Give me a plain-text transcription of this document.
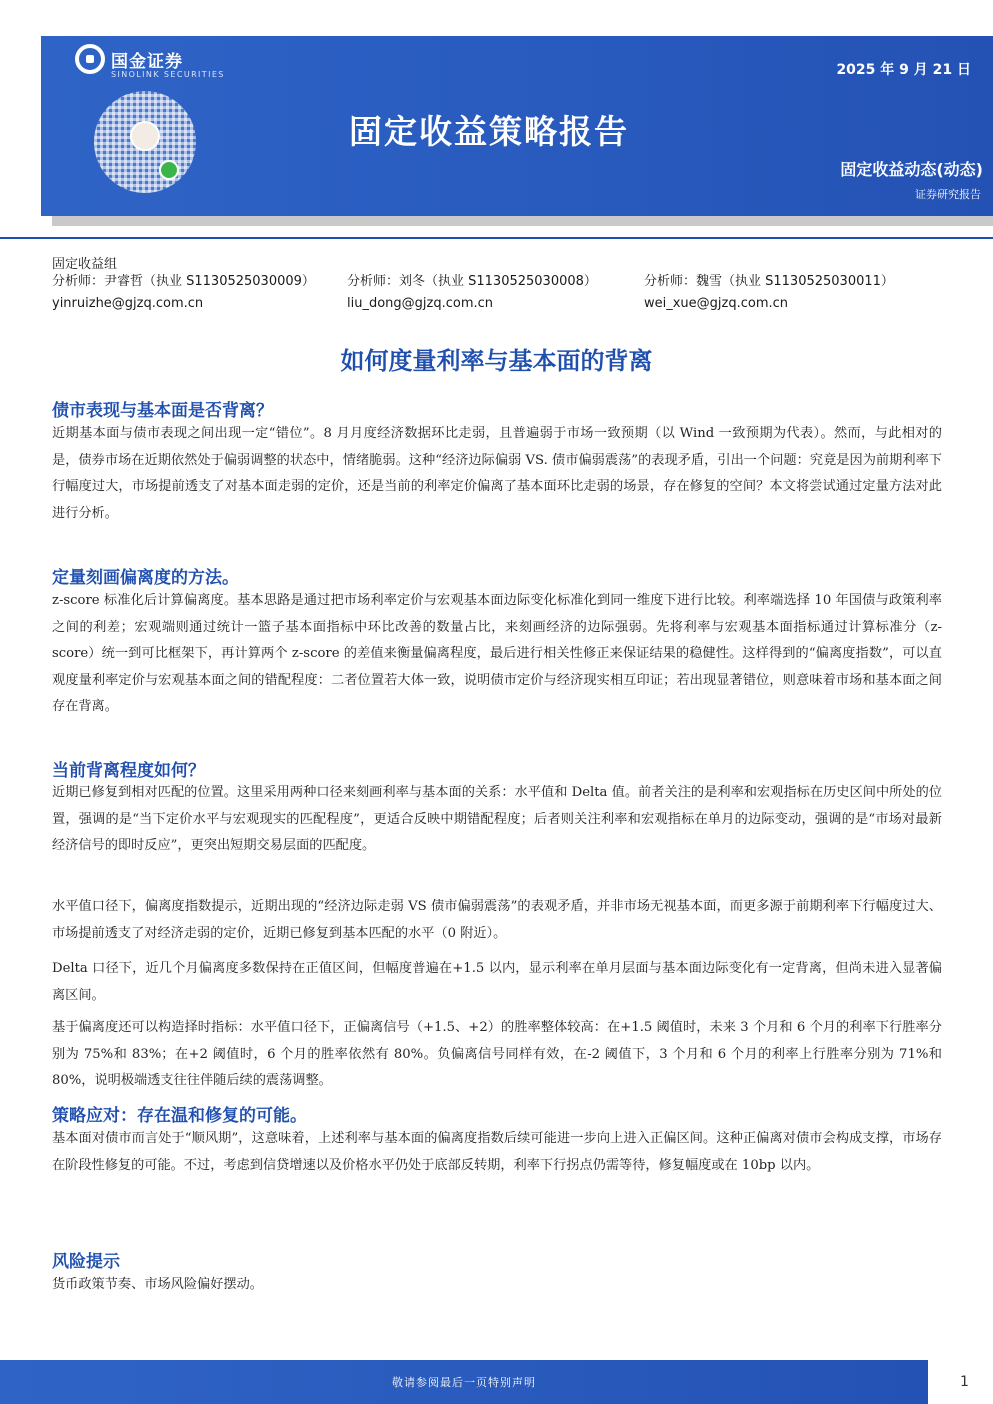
国金证券
SINOLINK SECURITIES	2025 年 9 月 21 日
固定收益策略报告
固定收益动态(动态)
证券研究报告
固定收益组
分析师：尹睿哲（执业 S1130525030009）
yinruizhe@gjzq.com.cn
分析师：刘冬（执业 S1130525030008）
liu_dong@gjzq.com.cn
分析师：魏雪（执业 S1130525030011）
wei_xue@gjzq.com.cn
如何度量利率与基本面的背离
债市表现与基本面是否背离？
近期基本面与债市表现之间出现一定“错位”。8 月月度经济数据环比走弱，且普遍弱于市场一致预期（以 Wind 一致预期为代表）。然而，与此相对的是，债券市场在近期依然处于偏弱调整的状态中，情绪脆弱。这种“经济边际偏弱 VS. 债市偏弱震荡”的表现矛盾，引出一个问题：究竟是因为前期利率下行幅度过大，市场提前透支了对基本面走弱的定价，还是当前的利率定价偏离了基本面环比走弱的场景，存在修复的空间？本文将尝试通过定量方法对此进行分析。
定量刻画偏离度的方法。
z-score 标准化后计算偏离度。基本思路是通过把市场利率定价与宏观基本面边际变化标准化到同一维度下进行比较。利率端选择 10 年国债与政策利率之间的利差；宏观端则通过统计一篮子基本面指标中环比改善的数量占比，来刻画经济的边际强弱。先将利率与宏观基本面指标通过计算标准分（z-score）统一到可比框架下，再计算两个 z-score 的差值来衡量偏离程度，最后进行相关性修正来保证结果的稳健性。这样得到的“偏离度指数”，可以直观度量利率定价与宏观基本面之间的错配程度：二者位置若大体一致，说明债市定价与经济现实相互印证；若出现显著错位，则意味着市场和基本面之间存在背离。
当前背离程度如何？
近期已修复到相对匹配的位置。这里采用两种口径来刻画利率与基本面的关系：水平值和 Delta 值。前者关注的是利率和宏观指标在历史区间中所处的位置，强调的是“当下定价水平与宏观现实的匹配程度”，更适合反映中期错配程度；后者则关注利率和宏观指标在单月的边际变动，强调的是“市场对最新经济信号的即时反应”，更突出短期交易层面的匹配度。
水平值口径下，偏离度指数提示，近期出现的“经济边际走弱 VS 债市偏弱震荡”的表观矛盾，并非市场无视基本面，而更多源于前期利率下行幅度过大、市场提前透支了对经济走弱的定价，近期已修复到基本匹配的水平（0 附近）。
Delta 口径下，近几个月偏离度多数保持在正值区间，但幅度普遍在+1.5 以内，显示利率在单月层面与基本面边际变化有一定背离，但尚未进入显著偏离区间。
基于偏离度还可以构造择时指标：水平值口径下，正偏离信号（+1.5、+2）的胜率整体较高：在+1.5 阈值时，未来 3 个月和 6 个月的利率下行胜率分别为 75%和 83%；在+2 阈值时，6 个月的胜率依然有 80%。负偏离信号同样有效，在-2 阈值下，3 个月和 6 个月的利率上行胜率分别为 71%和 80%，说明极端透支往往伴随后续的震荡调整。
策略应对：存在温和修复的可能。
基本面对债市而言处于“顺风期”，这意味着，上述利率与基本面的偏离度指数后续可能进一步向上进入正偏区间。这种正偏离对债市会构成支撑，市场存在阶段性修复的可能。不过，考虑到信贷增速以及价格水平仍处于底部反转期，利率下行拐点仍需等待，修复幅度或在 10bp 以内。
风险提示
货币政策节奏、市场风险偏好摆动。
敬请参阅最后一页特别声明	1
